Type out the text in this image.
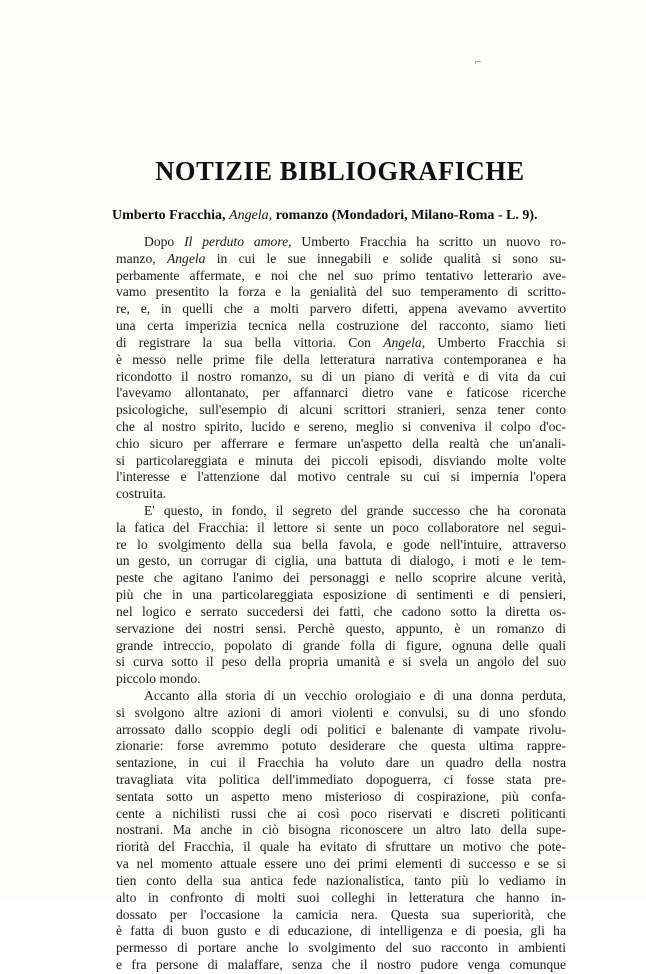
⌐
NOTIZIE BIBLIOGRAFICHE
Umberto Fracchia, Angela, romanzo (Mondadori, Milano-Roma - L. 9).
Dopo Il perduto amore, Umberto Fracchia ha scritto un nuovo ro-
manzo, Angela in cui le sue innegabili e solide qualità si sono su-
perbamente affermate, e noi che nel suo primo tentativo letterario ave-
vamo presentito la forza e la genialità del suo temperamento di scritto-
re, e, in quelli che a molti parvero difetti, appena avevamo avvertito
una certa imperizia tecnica nella costruzione del racconto, siamo lieti
di registrare la sua bella vittoria. Con Angela, Umberto Fracchia si
è messo nelle prime file della letteratura narrativa contemporanea e ha
ricondotto il nostro romanzo, su di un piano di verità e di vita da cui
l'avevamo allontanato, per affannarci dietro vane e faticose ricerche
psicologiche, sull'esempio di alcuni scrittori stranieri, senza tener conto
che al nostro spirito, lucido e sereno, meglio si conveniva il colpo d'oc-
chio sicuro per afferrare e fermare un'aspetto della realtà che un'anali-
si particolareggiata e minuta dei piccoli episodi, disviando molte volte
l'interesse e l'attenzione dal motivo centrale su cui si impernia l'opera
costruita.
E' questo, in fondo, il segreto del grande successo che ha coronata
la fatica del Fracchia: il lettore si sente un poco collaboratore nel segui-
re lo svolgimento della sua bella favola, e gode nell'intuire, attraverso
un gesto, un corrugar di ciglia, una battuta di dialogo, i moti e le tem-
peste che agitano l'animo dei personaggi e nello scoprire alcune verità,
più che in una particolareggiata esposizione di sentimenti e di pensieri,
nel logico e serrato succedersi dei fatti, che cadono sotto la diretta os-
servazione dei nostri sensi. Perchè questo, appunto, è un romanzo di
grande intreccio, popolato di grande folla di figure, ognuna delle quali
si curva sotto il peso della propria umanità e si svela un angolo del suo
piccolo mondo.
Accanto alla storia di un vecchio orologiaio e di una donna perduta,
si svolgono altre azioni di amori violenti e convulsi, su di uno sfondo
arrossato dallo scoppio degli odi politici e balenante di vampate rivolu-
zionarie: forse avremmo potuto desiderare che questa ultima rappre-
sentazione, in cui il Fracchia ha voluto dare un quadro della nostra
travagliata vita politica dell'immediato dopoguerra, ci fosse stata pre-
sentata sotto un aspetto meno misterioso di cospirazione, più confa-
cente a nichilisti russi che ai così poco riservati e discreti politicanti
nostrani. Ma anche in ciò bisogna riconoscere un altro lato della supe-
riorità del Fracchia, il quale ha evitato di sfruttare un motivo che pote-
va nel momento attuale essere uno dei primi elementi di successo e se si
tien conto della sua antica fede nazionalistica, tanto più lo vediamo in
alto in confronto di molti suoi colleghi in letteratura che hanno in-
dossato per l'occasione la camicia nera. Questa sua superiorità, che
è fatta di buon gusto e di educazione, di intelligenza e di poesia, gli ha
permesso di portare anche lo svolgimento del suo racconto in ambienti
e fra persone di malaffare, senza che il nostro pudore venga comunque
